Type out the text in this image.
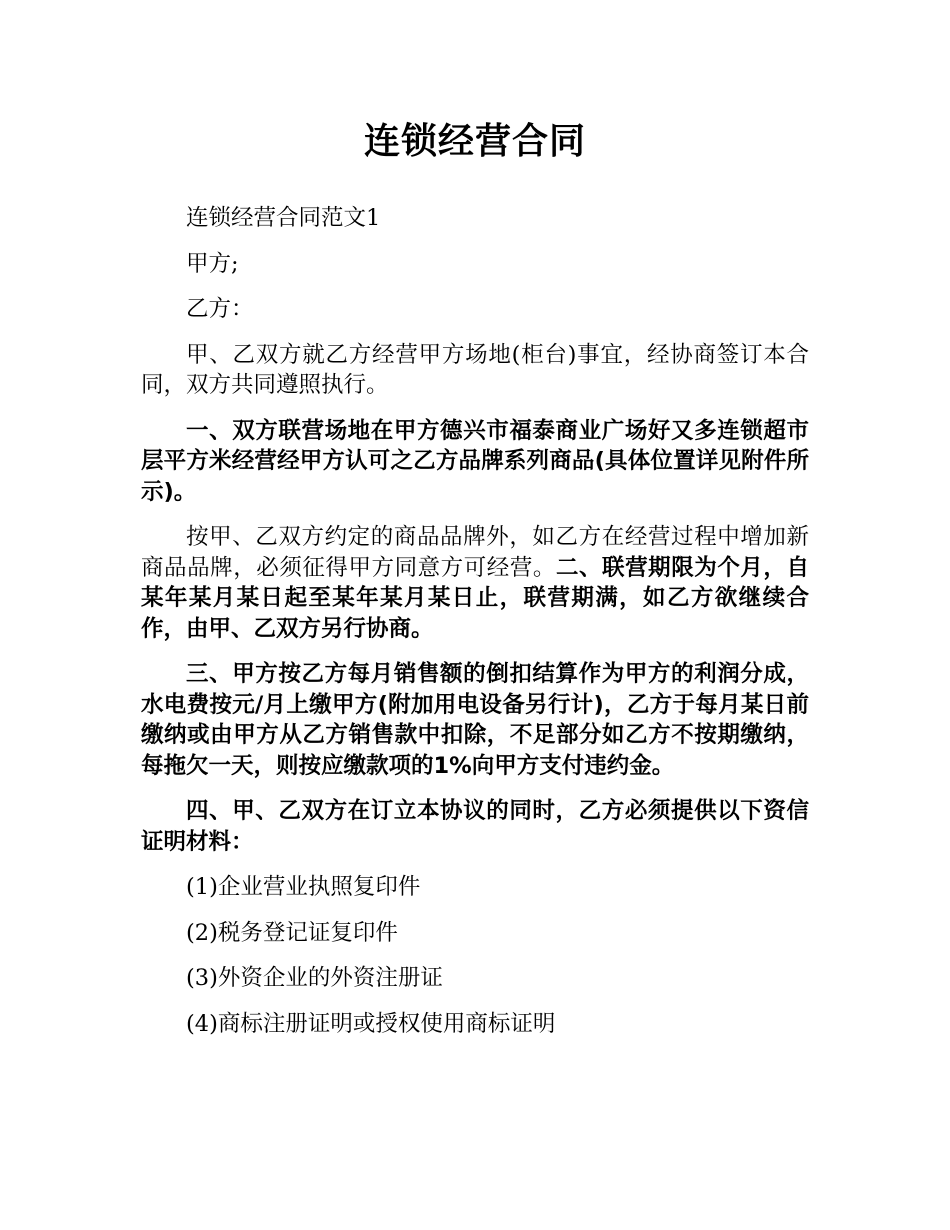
连锁经营合同

连锁经营合同范文1

甲方;

乙方：

甲、乙双方就乙方经营甲方场地(柜台)事宜，经协商签订本合同，双方共同遵照执行。

一、双方联营场地在甲方德兴市福泰商业广场好又多连锁超市层平方米经营经甲方认可之乙方品牌系列商品(具体位置详见附件所示)。

按甲、乙双方约定的商品品牌外，如乙方在经营过程中增加新商品品牌，必须征得甲方同意方可经营。二、联营期限为个月，自某年某月某日起至某年某月某日止，联营期满，如乙方欲继续合作，由甲、乙双方另行协商。

三、甲方按乙方每月销售额的倒扣结算作为甲方的利润分成，水电费按元/月上缴甲方(附加用电设备另行计)，乙方于每月某日前缴纳或由甲方从乙方销售款中扣除，不足部分如乙方不按期缴纳，每拖欠一天，则按应缴款项的1%向甲方支付违约金。

四、甲、乙双方在订立本协议的同时，乙方必须提供以下资信证明材料：

(1)企业营业执照复印件

(2)税务登记证复印件

(3)外资企业的外资注册证

(4)商标注册证明或授权使用商标证明
